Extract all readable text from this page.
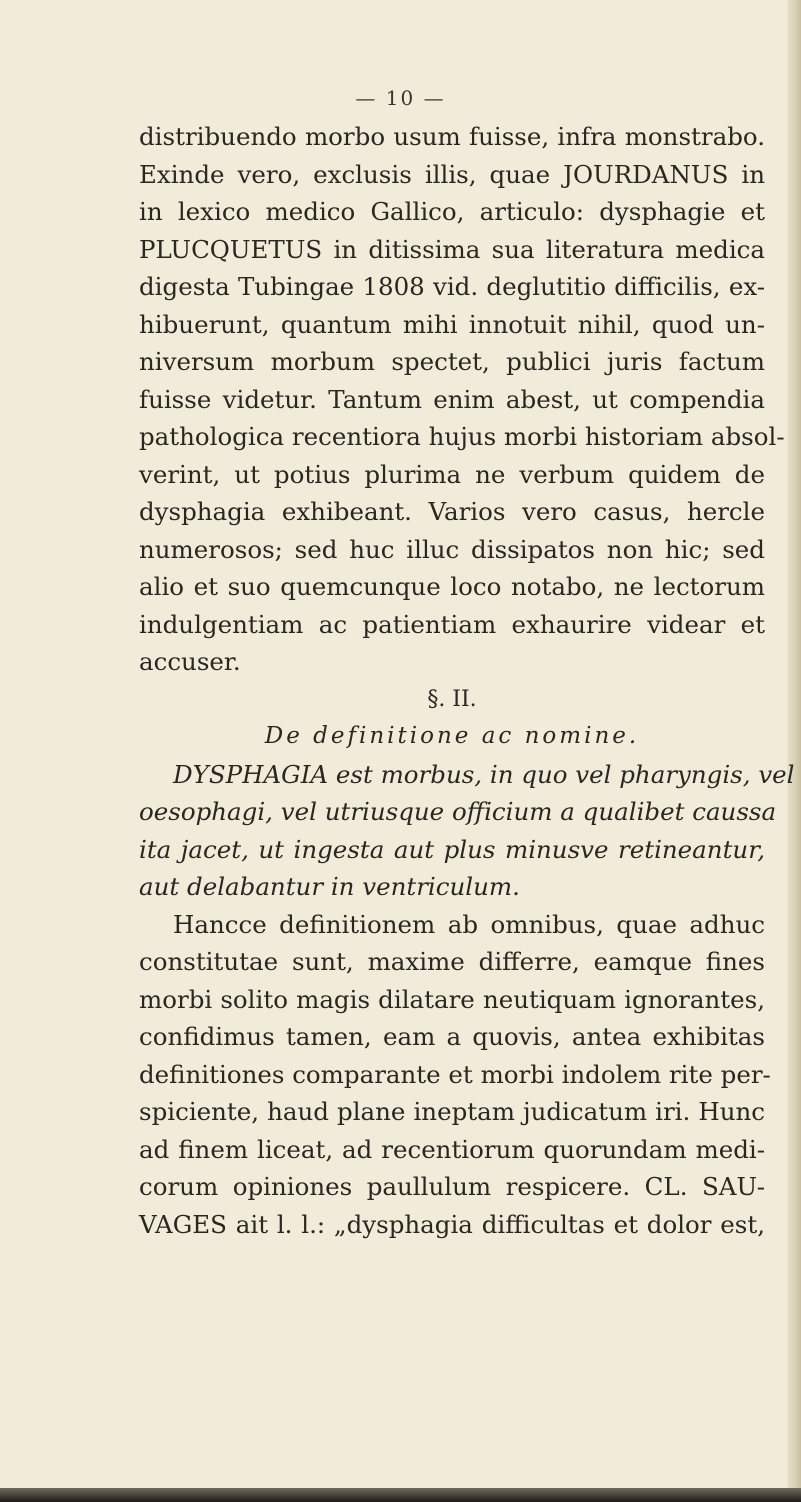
— 10 —
distribuendo morbo usum fuisse, infra monstrabo.
Exinde vero, exclusis illis, quae JOURDANUS in
in lexico medico Gallico, articulo: dysphagie et
PLUCQUETUS in ditissima sua literatura medica
digesta Tubingae 1808 vid. deglutitio difficilis, ex-
hibuerunt, quantum mihi innotuit nihil, quod un-
niversum morbum spectet, publici juris factum
fuisse videtur. Tantum enim abest, ut compendia
pathologica recentiora hujus morbi historiam absol-
verint, ut potius plurima ne verbum quidem de
dysphagia exhibeant. Varios vero casus, hercle
numerosos; sed huc illuc dissipatos non hic; sed
alio et suo quemcunque loco notabo, ne lectorum
indulgentiam ac patientiam exhaurire videar et
accuser.
§. II.
De definitione ac nomine.
DYSPHAGIA est morbus, in quo vel pharyngis, vel
oesophagi, vel utriusque officium a qualibet caussa
ita jacet, ut ingesta aut plus minusve retineantur,
aut delabantur in ventriculum.
Hancce definitionem ab omnibus, quae adhuc
constitutae sunt, maxime differre, eamque fines
morbi solito magis dilatare neutiquam ignorantes,
confidimus tamen, eam a quovis, antea exhibitas
definitiones comparante et morbi indolem rite per-
spiciente, haud plane ineptam judicatum iri. Hunc
ad finem liceat, ad recentiorum quorundam medi-
corum opiniones paullulum respicere. CL. SAU-
VAGES ait l. l.: „dysphagia difficultas et dolor est,
